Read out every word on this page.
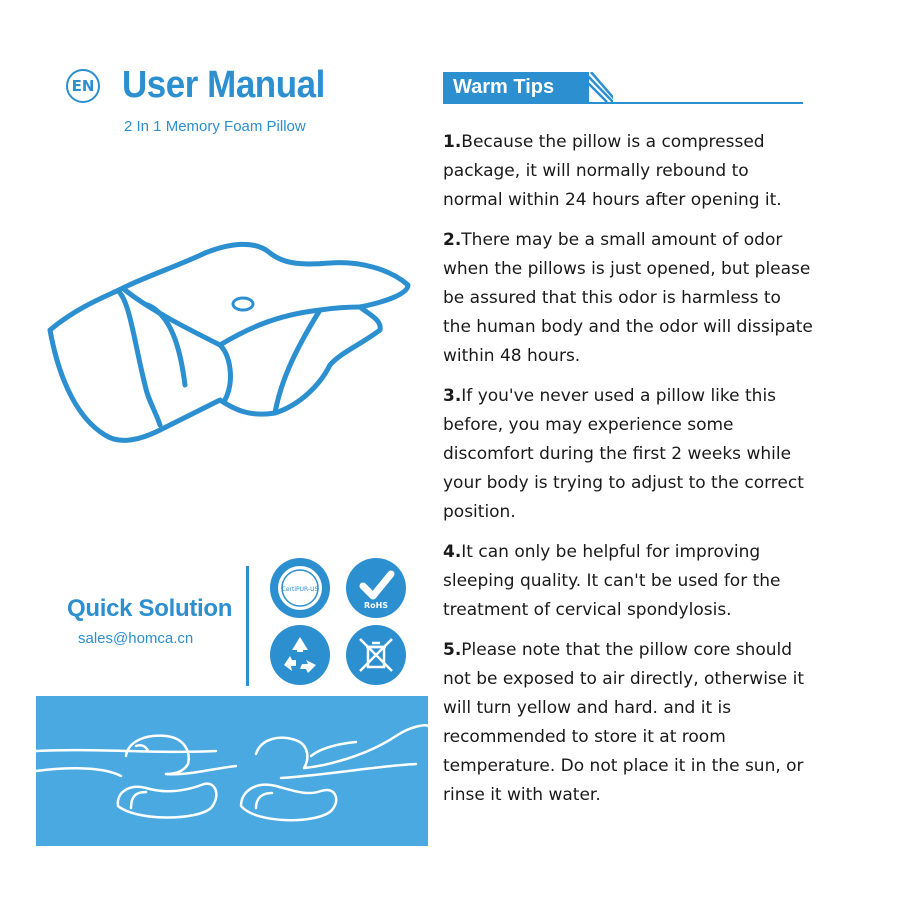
EN User Manual
2 In 1 Memory Foam Pillow
Warm Tips

1.Because the pillow is a compressed package, it will normally rebound to normal within 24 hours after opening it.

2.There may be a small amount of odor when the pillows is just opened, but please be assured that this odor is harmless to the human body and the odor will dissipate within 48 hours.

3.If you've never used a pillow like this before, you may experience some discomfort during the first 2 weeks while your body is trying to adjust to the correct position.

4.It can only be helpful for improving sleeping quality. It can't be used for the treatment of cervical spondylosis.

5.Please note that the pillow core should not be exposed to air directly, otherwise it will turn yellow and hard. and it is recommended to store it at room temperature. Do not place it in the sun, or rinse it with water.

Quick Solution
sales@homca.cn
CertiPUR-US
RoHS
